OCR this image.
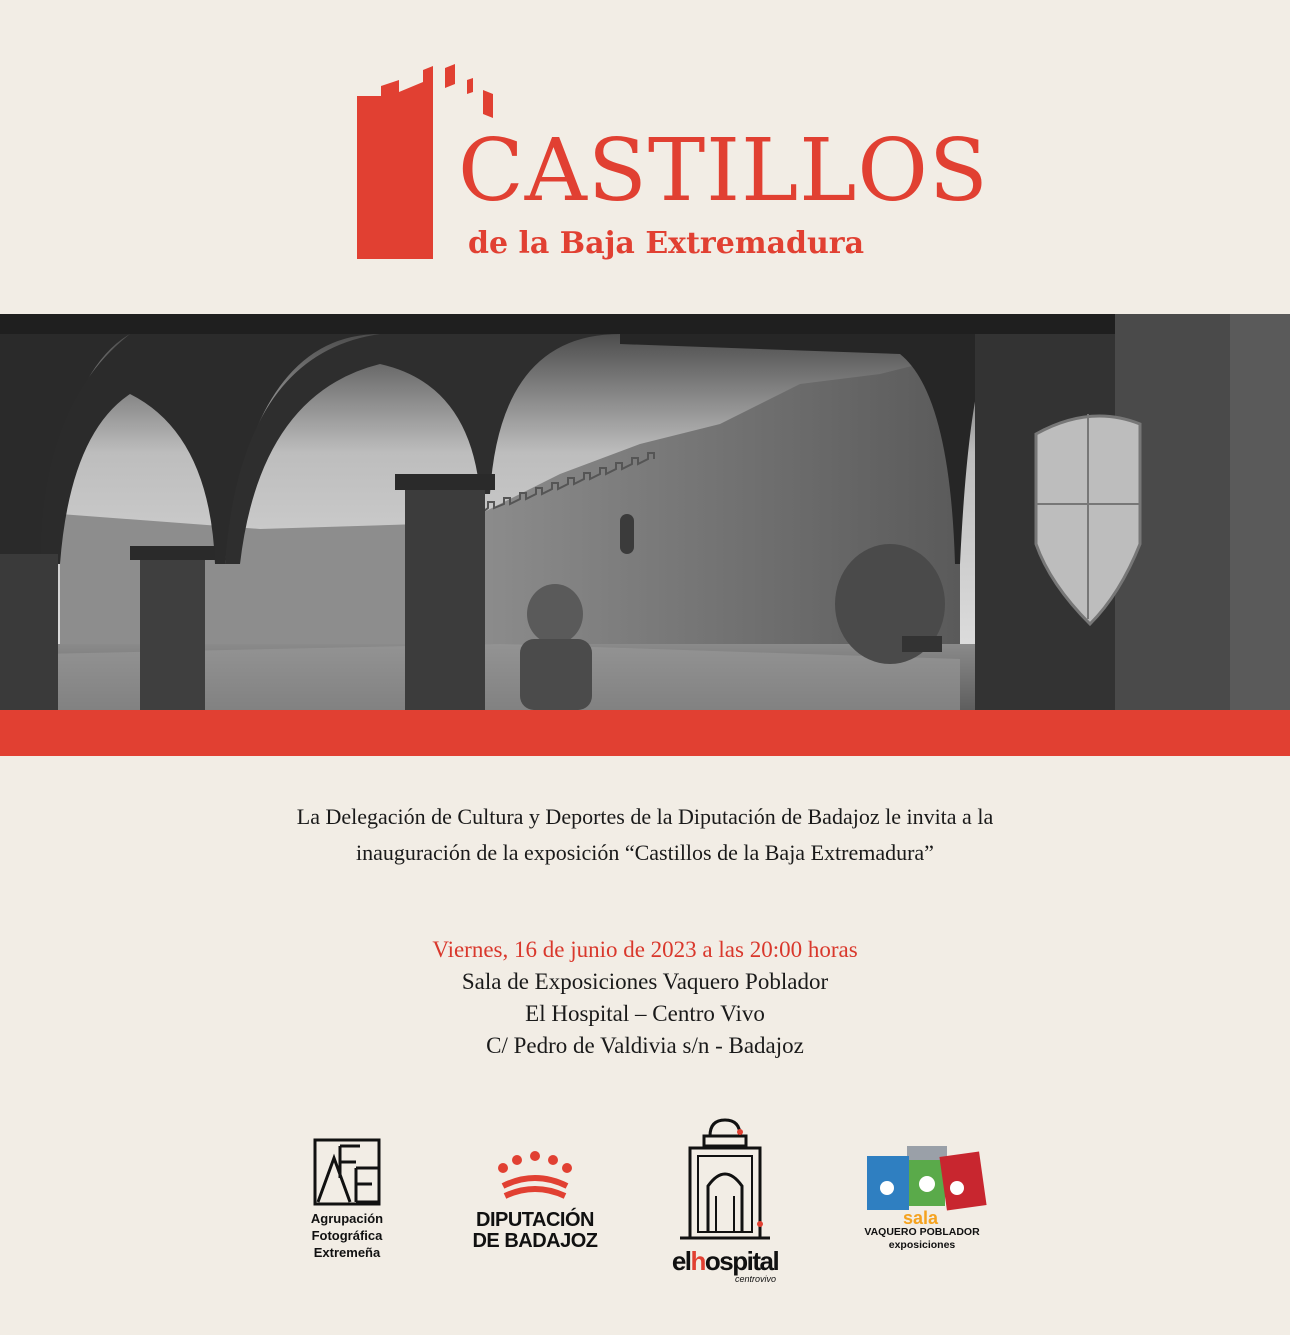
CASTILLOS
de la Baja Extremadura
La Delegación de Cultura y Deportes de la Diputación de Badajoz le invita a la
inauguración de la exposición “Castillos de la Baja Extremadura”
Viernes, 16 de junio de 2023 a las 20:00 horas
Sala de Exposiciones Vaquero Poblador
El Hospital – Centro Vivo
C/ Pedro de Valdivia s/n - Badajoz
Agrupación
Fotográfica
Extremeña
DIPUTACIÓN
DE BADAJOZ
elhospital
centrovivo
sala
VAQUERO POBLADOR
exposiciones
